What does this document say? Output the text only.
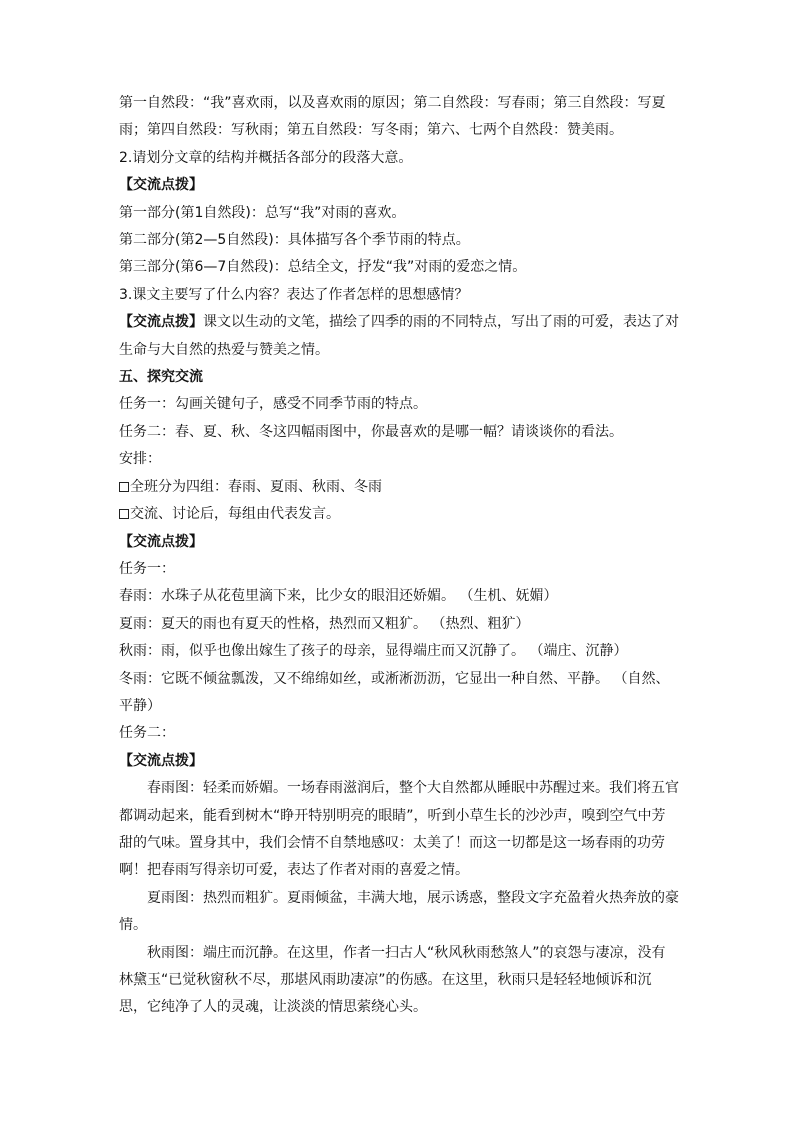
第一自然段：“我”喜欢雨，以及喜欢雨的原因；第二自然段：写春雨；第三自然段：写夏
雨；第四自然段：写秋雨；第五自然段：写冬雨；第六、七两个自然段：赞美雨。
2.请划分文章的结构并概括各部分的段落大意。
【交流点拨】
第一部分(第1自然段)：总写“我”对雨的喜欢。
第二部分(第2—5自然段)：具体描写各个季节雨的特点。
第三部分(第6—7自然段)：总结全文，抒发“我”对雨的爱恋之情。
3.课文主要写了什么内容？表达了作者怎样的思想感情？
【交流点拨】课文以生动的文笔，描绘了四季的雨的不同特点，写出了雨的可爱，表达了对生命与大自然的热爱与赞美之情。
五、探究交流
任务一：勾画关键句子，感受不同季节雨的特点。
任务二：春、夏、秋、冬这四幅雨图中，你最喜欢的是哪一幅？请谈谈你的看法。
安排：
全班分为四组：春雨、夏雨、秋雨、冬雨
交流、讨论后，每组由代表发言。
【交流点拨】
任务一：
春雨：水珠子从花苞里滴下来，比少女的眼泪还娇媚。 （生机、妩媚）
夏雨：夏天的雨也有夏天的性格，热烈而又粗犷。 （热烈、粗犷）
秋雨：雨，似乎也像出嫁生了孩子的母亲，显得端庄而又沉静了。 （端庄、沉静）
冬雨：它既不倾盆瓢泼，又不绵绵如丝，或淅淅沥沥，它显出一种自然、平静。 （自然、平静）
任务二：
【交流点拨】
春雨图：轻柔而娇媚。一场春雨滋润后，整个大自然都从睡眠中苏醒过来。我们将五官都调动起来，能看到树木“睁开特别明亮的眼睛”，听到小草生长的沙沙声，嗅到空气中芳甜的气味。置身其中，我们会情不自禁地感叹：太美了！而这一切都是这一场春雨的功劳啊！把春雨写得亲切可爱，表达了作者对雨的喜爱之情。
夏雨图：热烈而粗犷。夏雨倾盆，丰满大地，展示诱惑，整段文字充盈着火热奔放的豪情。
秋雨图：端庄而沉静。在这里，作者一扫古人“秋风秋雨愁煞人”的哀怨与凄凉，没有林黛玉“已觉秋窗秋不尽，那堪风雨助凄凉”的伤感。在这里，秋雨只是轻轻地倾诉和沉思，它纯净了人的灵魂，让淡淡的情思萦绕心头。
